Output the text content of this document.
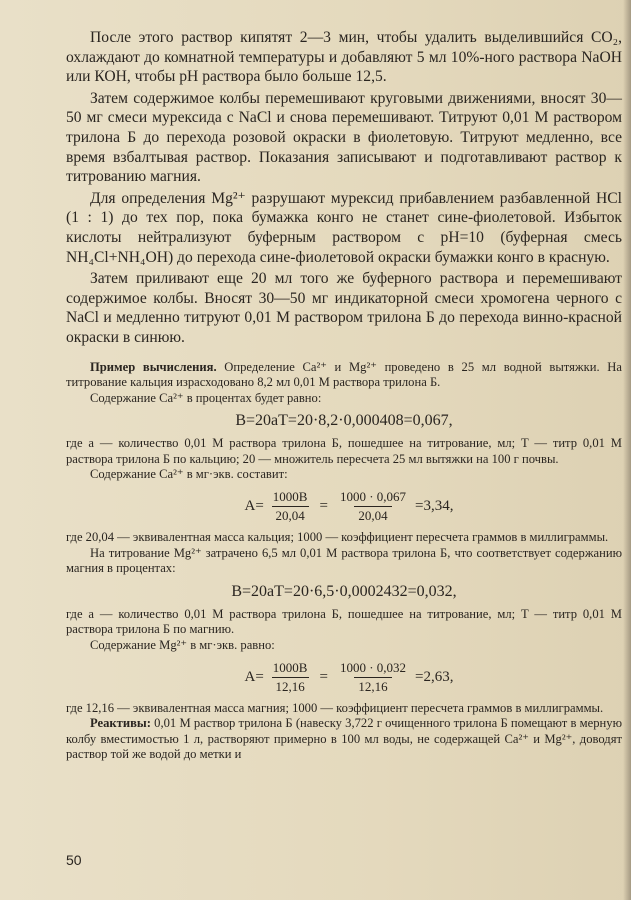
После этого раствор кипятят 2—3 мин, чтобы удалить выделившийся СО₂, охлаждают до комнатной температуры и добавляют 5 мл 10%-ного раствора NaOH или КОН, чтобы рН раствора было больше 12,5.

Затем содержимое колбы перемешивают круговыми движениями, вносят 30—50 мг смеси мурексида с NaCl и снова перемешивают. Титруют 0,01 М раствором трилона Б до перехода розовой окраски в фиолетовую. Титруют медленно, все время взбалтывая раствор. Показания записывают и подготавливают раствор к титрованию магния.

Для определения Mg²⁺ разрушают мурексид прибавлением разбавленной HCl (1 : 1) до тех пор, пока бумажка конго не станет сине-фиолетовой. Избыток кислоты нейтрализуют буферным раствором с рН=10 (буферная смесь NH₄Cl+NH₄OH) до перехода сине-фиолетовой окраски бумажки конго в красную.

Затем приливают еще 20 мл того же буферного раствора и перемешивают содержимое колбы. Вносят 30—50 мг индикаторной смеси хромогена черного с NaCl и медленно титруют 0,01 М раствором трилона Б до перехода винно-красной окраски в синюю.

Пример вычисления. Определение Ca²⁺ и Mg²⁺ проведено в 25 мл водной вытяжки. На титрование кальция израсходовано 8,2 мл 0,01 М раствора трилона Б.

Содержание Ca²⁺ в процентах будет равно:

B=20aT=20·8,2·0,000408=0,067,

где a — количество 0,01 М раствора трилона Б, пошедшее на титрование, мл; T — титр 0,01 М раствора трилона Б по кальцию; 20 — множитель пересчета 25 мл вытяжки на 100 г почвы.

Содержание Ca²⁺ в мг·экв. составит:

$A= \frac{1000B}{20,04} = \frac{1000 \cdot 0,067}{20,04} =3,34$,

где 20,04 — эквивалентная масса кальция; 1000 — коэффициент пересчета граммов в миллиграммы.

На титрование Mg²⁺ затрачено 6,5 мл 0,01 М раствора трилона Б, что соответствует содержанию магния в процентах:

B=20aT=20·6,5·0,0002432=0,032,

где a — количество 0,01 М раствора трилона Б, пошедшее на титрование, мл; T — титр 0,01 М раствора трилона Б по магнию.

Содержание Mg²⁺ в мг·экв. равно:

$A= \frac{1000B}{12,16} = \frac{1000 \cdot 0,032}{12,16} =2,63$,

где 12,16 — эквивалентная масса магния; 1000 — коэффициент пересчета граммов в миллиграммы.

Реактивы: 0,01 М раствор трилона Б (навеску 3,722 г очищенного трилона Б помещают в мерную колбу вместимостью 1 л, растворяют примерно в 100 мл воды, не содержащей Ca²⁺ и Mg²⁺, доводят раствор той же водой до метки и

50
